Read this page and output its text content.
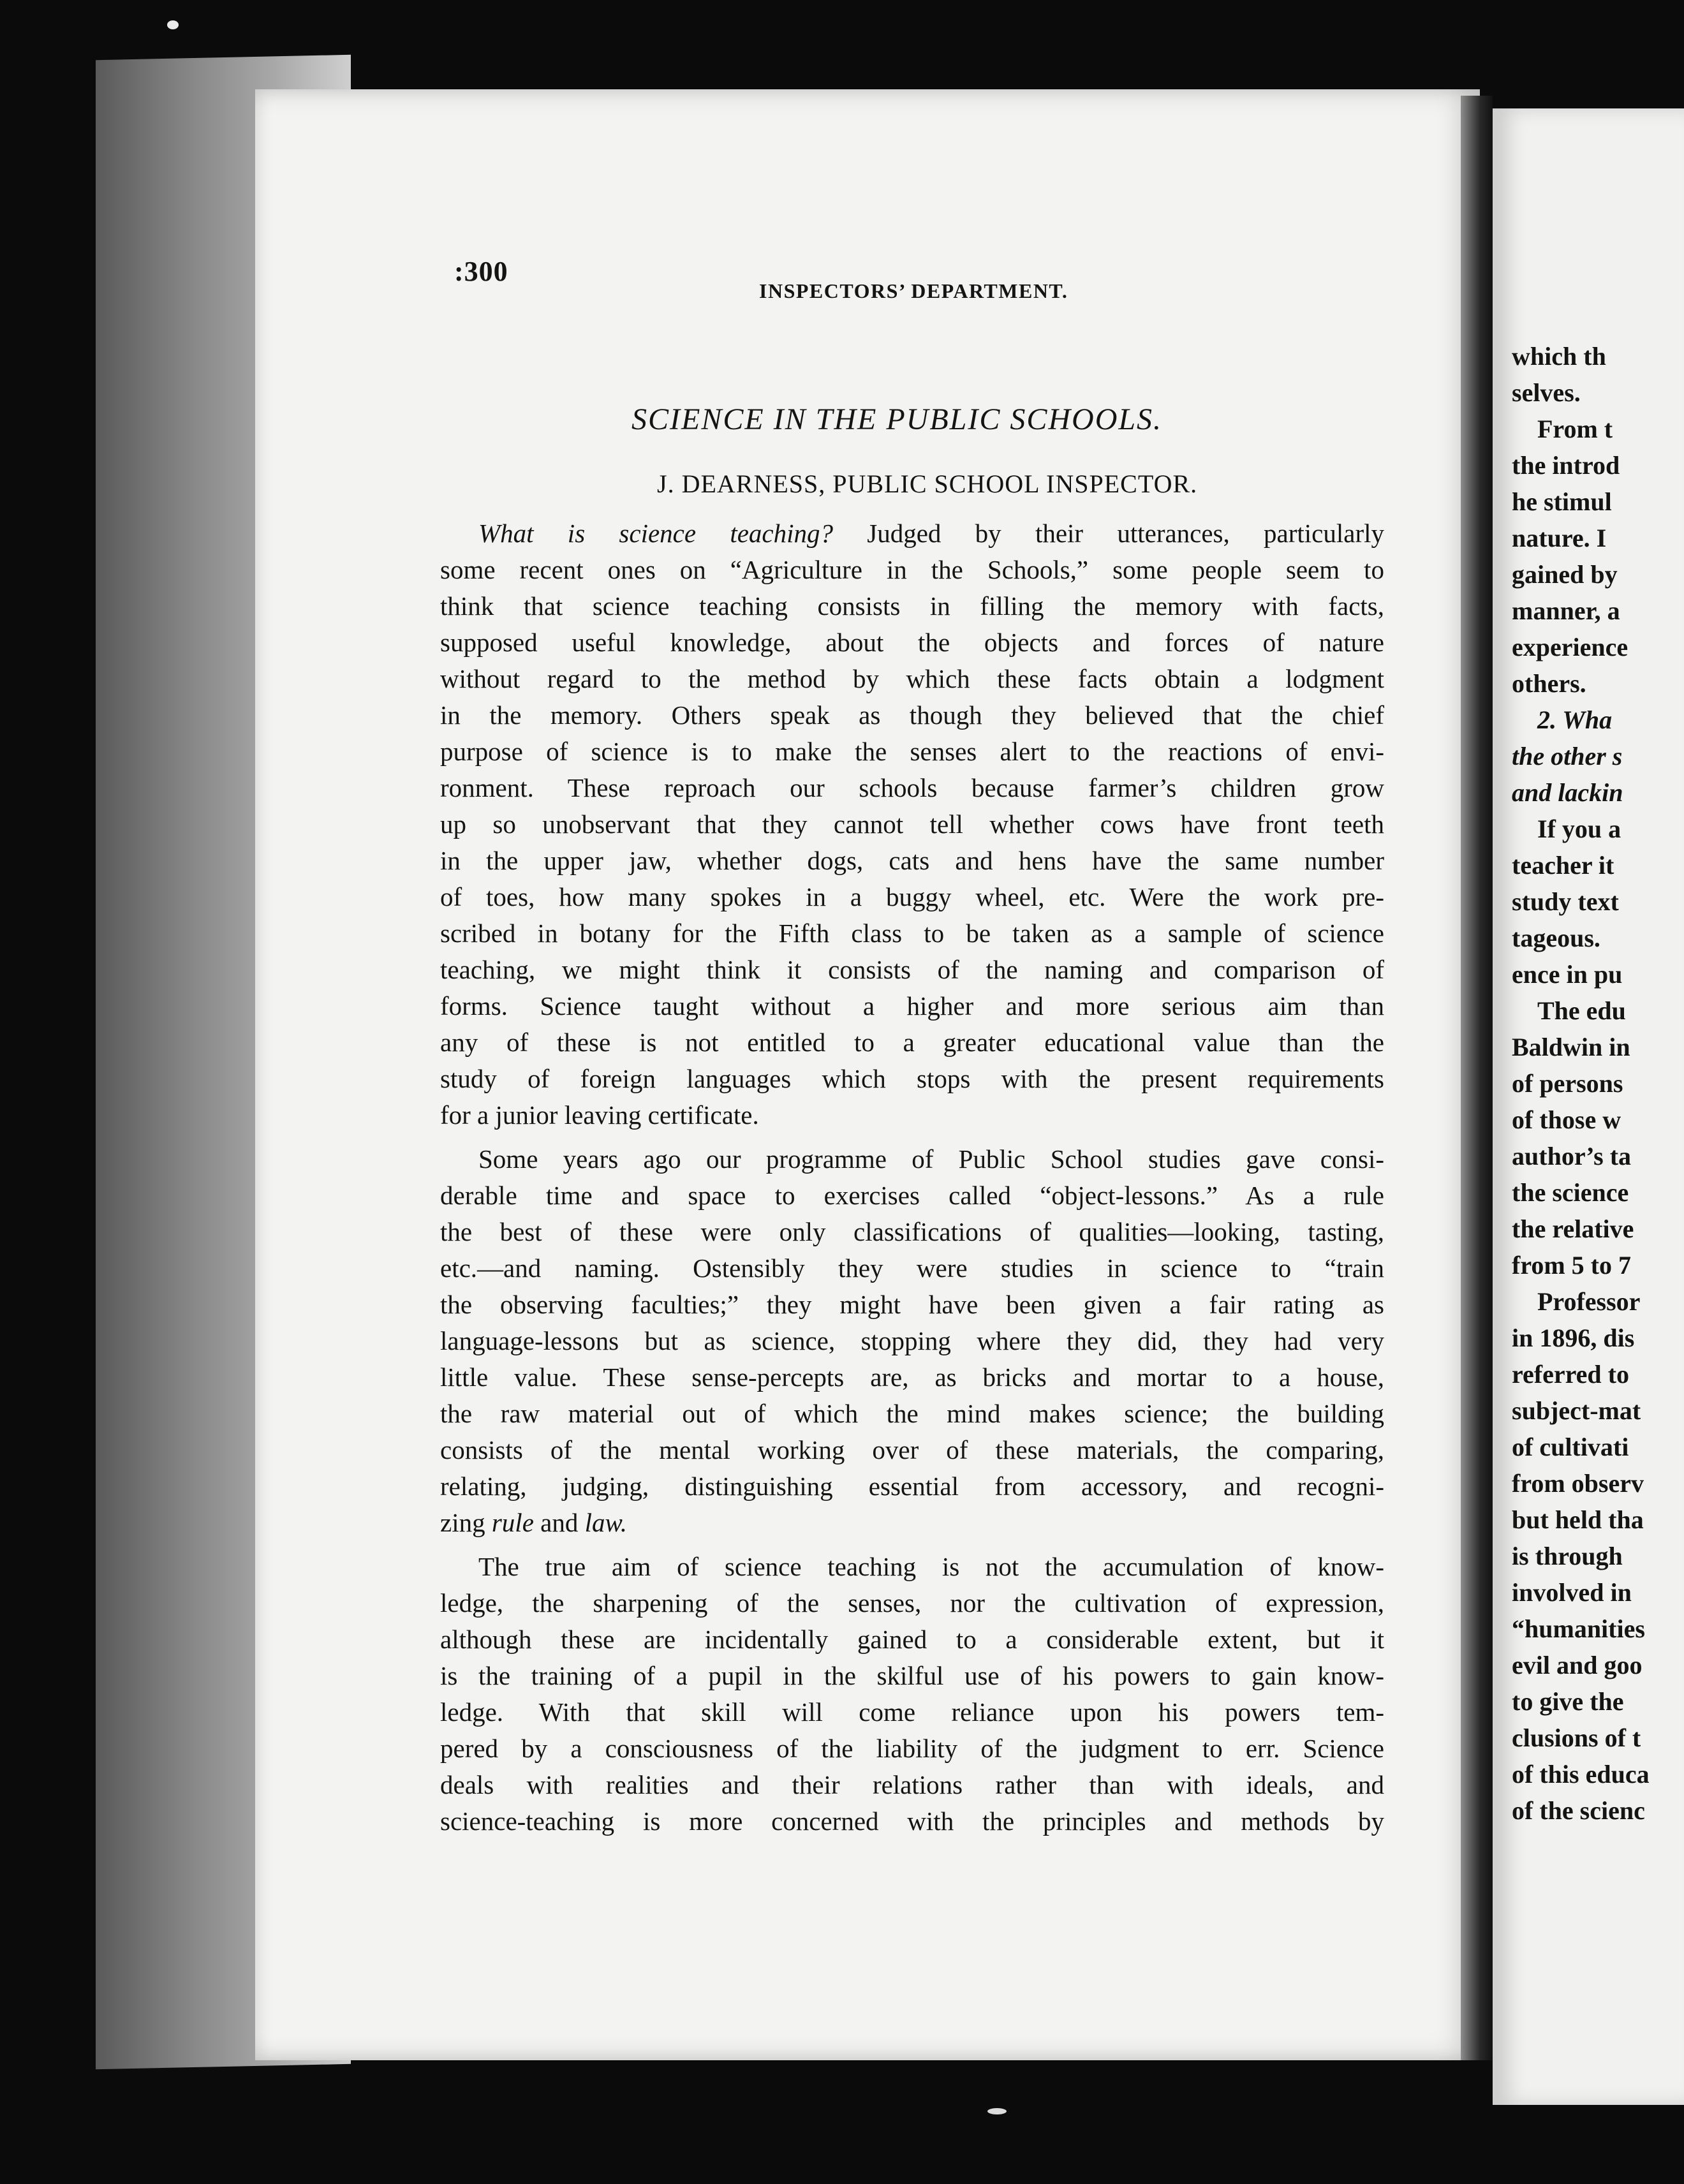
:300
INSPECTORS’ DEPARTMENT.
SCIENCE IN THE PUBLIC SCHOOLS.
J. DEARNESS, PUBLIC SCHOOL INSPECTOR.
What is science teaching? Judged by their utterances, particularly
some recent ones on “Agriculture in the Schools,” some people seem to
think that science teaching consists in filling the memory with facts,
supposed useful knowledge, about the objects and forces of nature
without regard to the method by which these facts obtain a lodgment
in the memory. Others speak as though they believed that the chief
purpose of science is to make the senses alert to the reactions of envi-
ronment. These reproach our schools because farmer’s children grow
up so unobservant that they cannot tell whether cows have front teeth
in the upper jaw, whether dogs, cats and hens have the same number
of toes, how many spokes in a buggy wheel, etc. Were the work pre-
scribed in botany for the Fifth class to be taken as a sample of science
teaching, we might think it consists of the naming and comparison of
forms. Science taught without a higher and more serious aim than
any of these is not entitled to a greater educational value than the
study of foreign languages which stops with the present requirements
for a junior leaving certificate.
Some years ago our programme of Public School studies gave consi-
derable time and space to exercises called “object-lessons.” As a rule
the best of these were only classifications of qualities—looking, tasting,
etc.—and naming. Ostensibly they were studies in science to “train
the observing faculties;” they might have been given a fair rating as
language-lessons but as science, stopping where they did, they had very
little value. These sense-percepts are, as bricks and mortar to a house,
the raw material out of which the mind makes science; the building
consists of the mental working over of these materials, the comparing,
relating, judging, distinguishing essential from accessory, and recogni-
zing rule and law.
The true aim of science teaching is not the accumulation of know-
ledge, the sharpening of the senses, nor the cultivation of expression,
although these are incidentally gained to a considerable extent, but it
is the training of a pupil in the skilful use of his powers to gain know-
ledge. With that skill will come reliance upon his powers tem-
pered by a consciousness of the liability of the judgment to err. Science
deals with realities and their relations rather than with ideals, and
science-teaching is more concerned with the principles and methods by
which th
selves.
From t
the introd
he stimul
nature. I
gained by
manner, a
experience
others.
2. Wha
the other s
and lackin
If you a
teacher it
study text
tageous.
ence in pu
The edu
Baldwin in
of persons
of those w
author’s ta
the science
the relative
from 5 to 7
Professor
in 1896, dis
referred to
subject-mat
of cultivati
from observ
but held tha
is through
involved in
“humanities
evil and goo
to give the
clusions of t
of this educa
of the scienc
